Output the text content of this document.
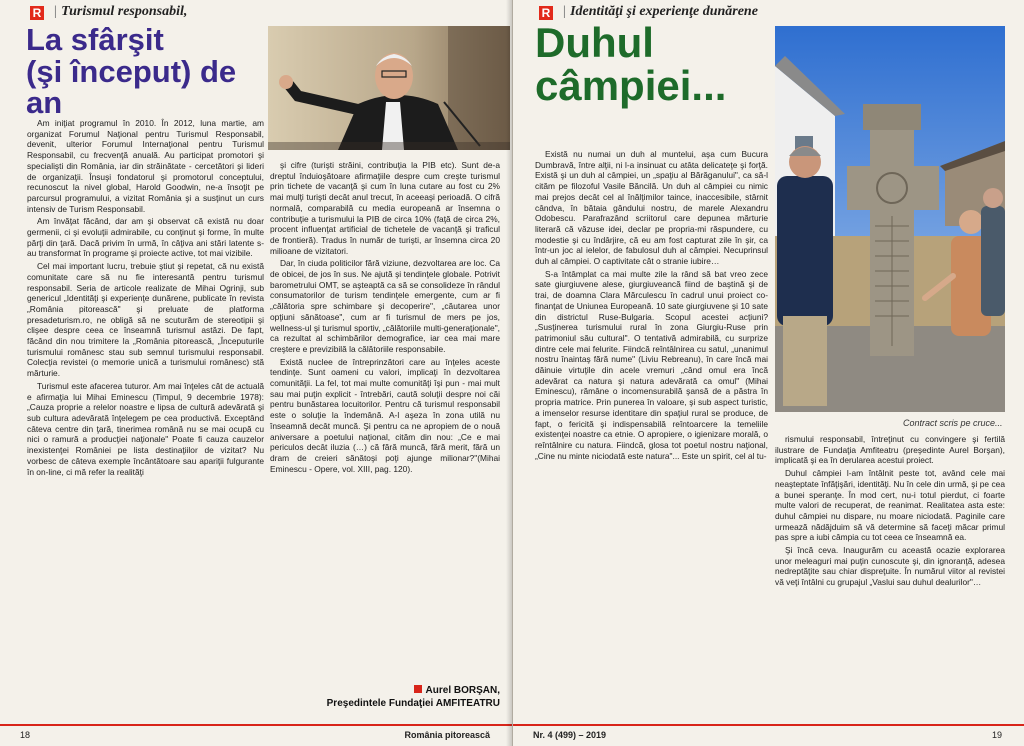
R | Turismul responsabil,
La sfârşit
(şi început) de an

Am iniţiat programul în 2010. În 2012, luna martie, am organizat Forumul Naţional pentru Turismul Responsabil, devenit, ulterior Forumul Internaţional pentru Turismul Responsabil, cu frecvenţă anuală. Au participat promotori şi specialişti din România, iar din străinătate - cercetători şi lideri de organizaţii. Însuşi fondatorul şi promotorul conceptului, recunoscut la nivel global, Harold Goodwin, ne-a însoţit pe parcursul programului, a vizitat România şi a susţinut un curs intensiv de Turism Responsabil.

Am învăţat făcând, dar am şi observat că există nu doar germenii, ci şi evoluţii admirabile, cu conţinut şi forme, în multe părţi din ţară. Dacă privim în urmă, în câţiva ani stări latente s-au transformat în programe şi proiecte active, tot mai vizibile.

Cel mai important lucru, trebuie ştiut şi repetat, că nu există comunitate care să nu fie interesantă pentru turismul responsabil. Seria de articole realizate de Mihai Ogrinji, sub genericul „Identităţi şi experienţe dunărene, publicate în revista „România pitorească" şi preluate de platforma presadeturism.ro, ne obligă să ne scuturăm de stereotipii şi clişee despre ceea ce înseamnă turismul astăzi. De fapt, făcând din nou trimitere la „România pitorească, „Începuturile turismului românesc stau sub semnul turismului responsabil. Colecţia revistei (o memorie unică a turismului românesc) stă mărturie.

Turismul este afacerea tuturor. Am mai înţeles cât de actuală e afirmaţia lui Mihai Eminescu (Timpul, 9 decembrie 1978): „Cauza proprie a relelor noastre e lipsa de cultură adevărată şi sub cultura adevărată înţelegem pe cea productivă. Exceptând câteva centre din ţară, tinerimea română nu se mai ocupă cu nici o ramură a producţiei naţionale" Poate fi cauza cauzelor inexistenţei României pe lista destinaţiilor de vizitat? Nu vorbesc de câteva exemple încântătoare sau apariţii fulgurante în on-line, ci mă refer la realităţi

şi cifre (turişti străini, contribuţia la PIB etc). Sunt de-a dreptul înduioşătoare afirmaţiile despre cum creşte turismul prin tichete de vacanţă şi cum în luna cutare au fost cu 2% mai mulţi turişti decât anul trecut, în aceeaşi perioadă. O cifră normală, comparabilă cu media europeană ar însemna o contribuţie a turismului la PIB de circa 10% (faţă de circa 2%, procent influenţat artificial de tichetele de vacanţă şi traficul de frontieră). Tradus în număr de turişti, ar însemna circa 20 milioane de vizitatori.

Dar, în ciuda politicilor fără viziune, dezvoltarea are loc. Ca de obicei, de jos în sus. Ne ajută şi tendinţele globale. Potrivit barometrului OMT, se aşteaptă ca să se consolideze în rândul consumatorilor de turism tendinţele emergente, cum ar fi „călătoria spre schimbare şi decoperire", „căutarea unor opţiuni sănătoase", cum ar fi turismul de mers pe jos, wellness-ul şi turismul sportiv, „călătoriile multi-generaţionale", ca rezultat al schimbărilor demografice, iar cea mai mare creştere e previzibilă la călătoriile responsabile.

Există nuclee de întreprinzători care au înţeles aceste tendinţe. Sunt oameni cu valori, implicaţi în dezvoltarea comunităţii. La fel, tot mai multe comunităţi îşi pun - mai mult sau mai puţin explicit - întrebări, caută soluţii despre noi căi pentru bunăstarea locuitorilor. Pentru că turismul responsabil este o soluţie la îndemână. A-l aşeza în zona utilă nu înseamnă decât muncă. Şi pentru ca ne apropiem de o nouă aniversare a poetului naţional, cităm din nou: „Ce e mai periculos decât iluzia (…) că fără muncă, fără merit, fără un dram de creieri sănătoşi poţi ajunge milionar?"(Mihai Eminescu - Opere, vol. XIII, pag. 120).

Aurel BORŞAN,
Preşedintele Fundaţiei AMFITEATRU
18	România pitorească
R | Identităţi şi experienţe dunărene
Duhul
câmpiei...
Contract scris pe cruce...

Există nu numai un duh al muntelui, aşa cum Bucura Dumbravă, între alţii, ni l-a insinuat cu atâta delicateţe şi forţă. Există şi un duh al câmpiei, un „spaţiu al Bărăganului", ca să-l cităm pe filozoful Vasile Băncilă. Un duh al câmpiei cu nimic mai prejos decât cel al înălţimilor taince, inaccesibile, stârnit cândva, în bătaia gândului nostru, de marele Alexandru Odobescu. Parafrazând scriitorul care depunea mărturie literară că văzuse idei, declar pe propria-mi răspundere, cu modestie şi cu îndârjire, că eu am fost capturat zile în şir, ca într-un joc al ielelor, de fabulosul duh al câmpiei. Necuprinsul duh al câmpiei. O captivitate cât o stranie iubire…

S-a întâmplat ca mai multe zile la rând să bat vreo zece sate giurgiuvene alese, giurgiuveancă fiind de baştină şi de trai, de doamna Clara Mărculescu în cadrul unui proiect co-finanţat de Uniunea Europeană. 10 sate giurgiuvene şi 10 sate din districtul Ruse-Bulgaria. Scopul acestei acţiuni? „Susţinerea turismului rural în zona Giurgiu-Ruse prin patrimoniul său cultural". O tentativă admirabilă, cu surprize dintre cele mai felurite. Fiindcă reîntâlnirea cu satul, „unanimul nostru înaintaş fără nume" (Liviu Rebreanu), în care încă mai dăinuie virtuţile din acele vremuri „când omul era încă adevărat ca natura şi natura adevărată ca omul" (Mihai Eminescu), rămâne o incomensurabilă şansă de a păstra în propria matrice. Prin punerea în valoare, şi sub aspect turistic, a imenselor resurse identitare din spaţiul rural se produce, de fapt, o fericită şi indispensabilă reîntoarcere la temeliile existenţei noastre ca etnie. O apropiere, o igienizare morală, o reîntâlnire cu natura. Fiindcă, glosa tot poetul nostru naţional, „Cine nu minte niciodată este natura"... Este un spirit, cel al tu-

rismului responsabil, întreţinut cu convingere şi fertilă ilustrare de Fundaţia Amfiteatru (preşedinte Aurel Borşan), implicată şi ea în derularea acestui proiect.

Duhul câmpiei l-am întâlnit peste tot, având cele mai neaşteptate înfăţişări, identităţi. Nu în cele din urmă, şi pe cea a bunei speranţe. În mod cert, nu-i totul pierdut, ci foarte multe valori de recuperat, de reanimat. Realitatea asta este: duhul câmpiei nu dispare, nu moare niciodată. Paginile care urmează nădăjduim să vă determine să faceţi măcar primul pas spre a iubi câmpia cu tot ceea ce înseamnă ea.

Şi încă ceva. Inaugurăm cu această ocazie explorarea unor meleaguri mai puţin cunoscute şi, din ignoranţă, adesea nedreptăţite sau chiar dispreţuite. În numărul viitor al revistei vă veţi întâlni cu grupajul „Vaslui sau duhul dealurilor"…

Nr. 4 (499) – 2019	19
